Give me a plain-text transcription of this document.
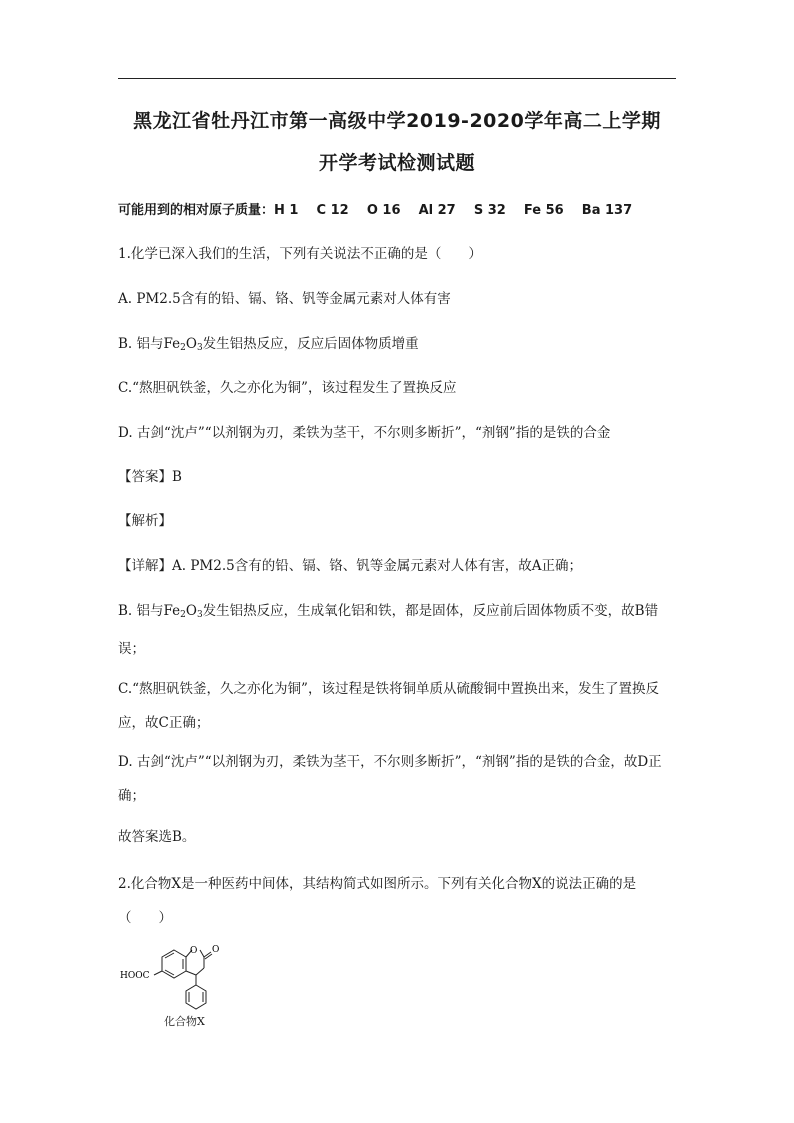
黑龙江省牡丹江市第一高级中学2019-2020学年高二上学期
开学考试检测试题
可能用到的相对原子质量：H 1    C 12    O 16    Al 27    S 32    Fe 56    Ba 137
1.化学已深入我们的生活，下列有关说法不正确的是（　　）
A. PM2.5含有的铅、镉、铬、钒等金属元素对人体有害
B. 铝与$Fe_2O_3$发生铝热反应，反应后固体物质增重
C.“熬胆矾铁釜，久之亦化为铜”，该过程发生了置换反应
D. 古剑“沈卢”“以剂钢为刃，柔铁为茎干，不尔则多断折”，“剂钢”指的是铁的合金
【答案】B
【解析】
【详解】A. PM2.5含有的铅、镉、铬、钒等金属元素对人体有害，故A正确；
B. 铝与$Fe_2O_3$发生铝热反应，生成氧化铝和铁，都是固体，反应前后固体物质不变，故B错误；
C.“熬胆矾铁釜，久之亦化为铜”，该过程是铁将铜单质从硫酸铜中置换出来，发生了置换反应，故C正确；
D. 古剑“沈卢”“以剂钢为刃，柔铁为茎干，不尔则多断折”，“剂钢”指的是铁的合金，故D正确；
故答案选B。
2.化合物X是一种医药中间体，其结构简式如图所示。下列有关化合物X的说法正确的是（　　）
O O
HOOC
化合物X
